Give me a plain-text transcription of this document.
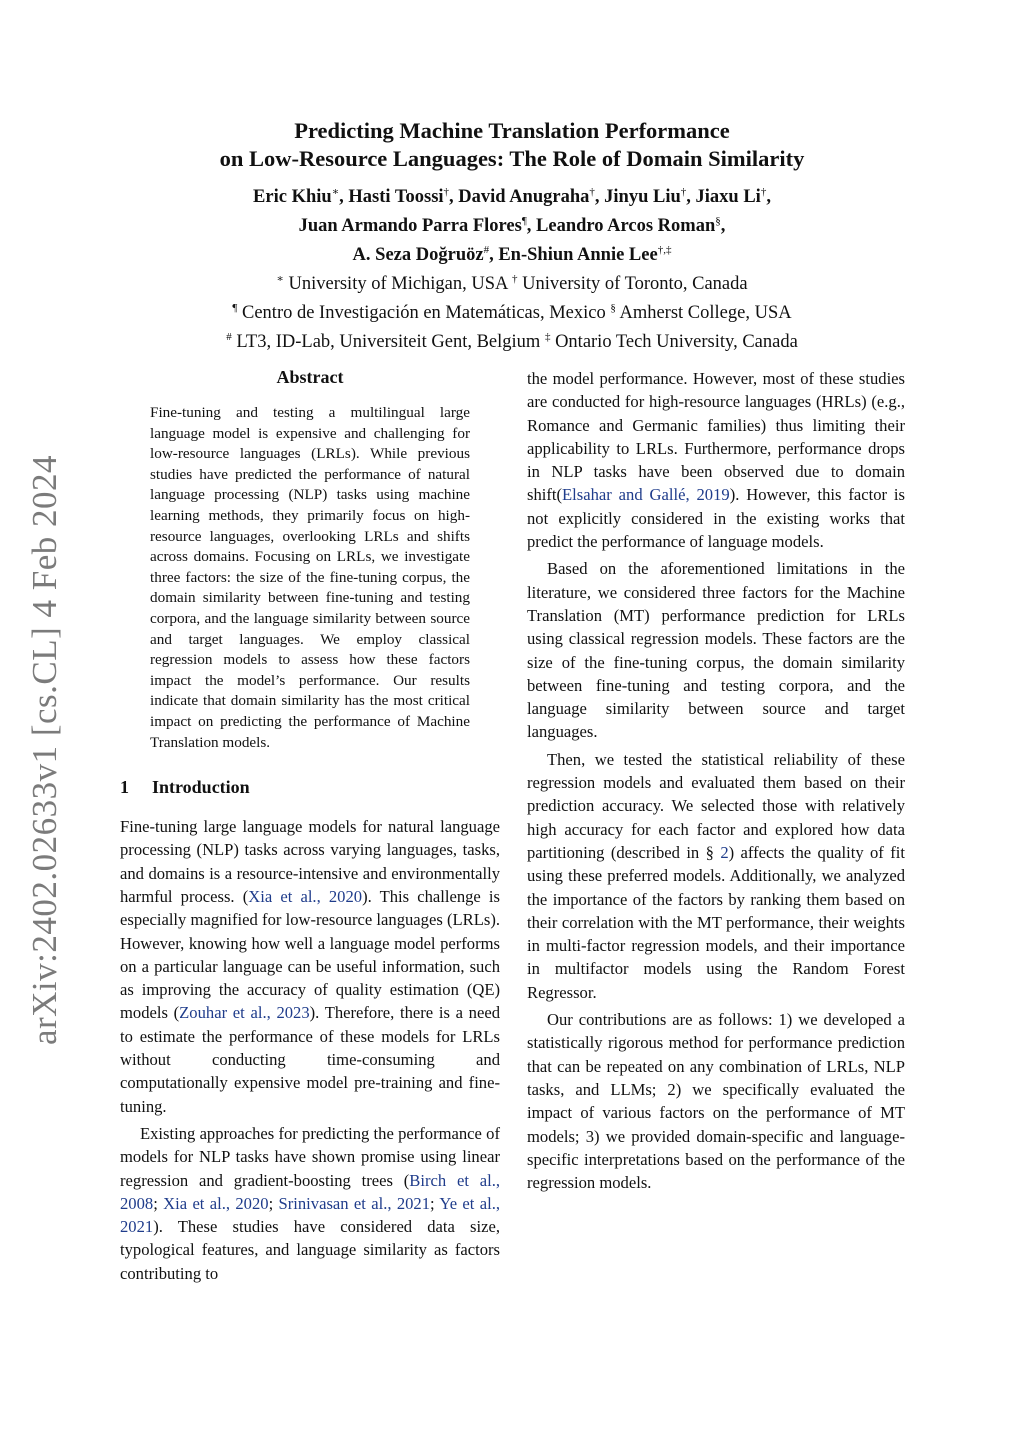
arXiv:2402.02633v1 [cs.CL] 4 Feb 2024
Predicting Machine Translation Performance
on Low-Resource Languages: The Role of Domain Similarity
Eric Khiu∗, Hasti Toossi†, David Anugraha†, Jinyu Liu†, Jiaxu Li†,
Juan Armando Parra Flores¶, Leandro Arcos Roman§,
A. Seza Doğruöz#, En-Shiun Annie Lee†,‡
∗ University of Michigan, USA † University of Toronto, Canada
¶ Centro de Investigación en Matemáticas, Mexico § Amherst College, USA
# LT3, ID-Lab, Universiteit Gent, Belgium ‡ Ontario Tech University, Canada
Abstract

Fine-tuning and testing a multilingual large language model is expensive and challenging for low-resource languages (LRLs). While previous studies have predicted the performance of natural language processing (NLP) tasks using machine learning methods, they primarily focus on high-resource languages, overlooking LRLs and shifts across domains. Focusing on LRLs, we investigate three factors: the size of the fine-tuning corpus, the domain similarity between fine-tuning and testing corpora, and the language similarity between source and target languages. We employ classical regression models to assess how these factors impact the model’s performance. Our results indicate that domain similarity has the most critical impact on predicting the performance of Machine Translation models.

1 Introduction

Fine-tuning large language models for natural language processing (NLP) tasks across varying languages, tasks, and domains is a resource-intensive and environmentally harmful process. (Xia et al., 2020). This challenge is especially magnified for low-resource languages (LRLs). However, knowing how well a language model performs on a particular language can be useful information, such as improving the accuracy of quality estimation (QE) models (Zouhar et al., 2023). Therefore, there is a need to estimate the performance of these models for LRLs without conducting time-consuming and computationally expensive model pre-training and fine-tuning.

Existing approaches for predicting the performance of models for NLP tasks have shown promise using linear regression and gradient-boosting trees (Birch et al., 2008; Xia et al., 2020; Srinivasan et al., 2021; Ye et al., 2021). These studies have considered data size, typological features, and language similarity as factors contributing to

the model performance. However, most of these studies are conducted for high-resource languages (HRLs) (e.g., Romance and Germanic families) thus limiting their applicability to LRLs. Furthermore, performance drops in NLP tasks have been observed due to domain shift(Elsahar and Gallé, 2019). However, this factor is not explicitly considered in the existing works that predict the performance of language models.

Based on the aforementioned limitations in the literature, we considered three factors for the Machine Translation (MT) performance prediction for LRLs using classical regression models. These factors are the size of the fine-tuning corpus, the domain similarity between fine-tuning and testing corpora, and the language similarity between source and target languages.

Then, we tested the statistical reliability of these regression models and evaluated them based on their prediction accuracy. We selected those with relatively high accuracy for each factor and explored how data partitioning (described in § 2) affects the quality of fit using these preferred models. Additionally, we analyzed the importance of the factors by ranking them based on their correlation with the MT performance, their weights in multi-factor regression models, and their importance in multifactor models using the Random Forest Regressor.

Our contributions are as follows: 1) we developed a statistically rigorous method for performance prediction that can be repeated on any combination of LRLs, NLP tasks, and LLMs; 2) we specifically evaluated the impact of various factors on the performance of MT models; 3) we provided domain-specific and language-specific interpretations based on the performance of the regression models.
